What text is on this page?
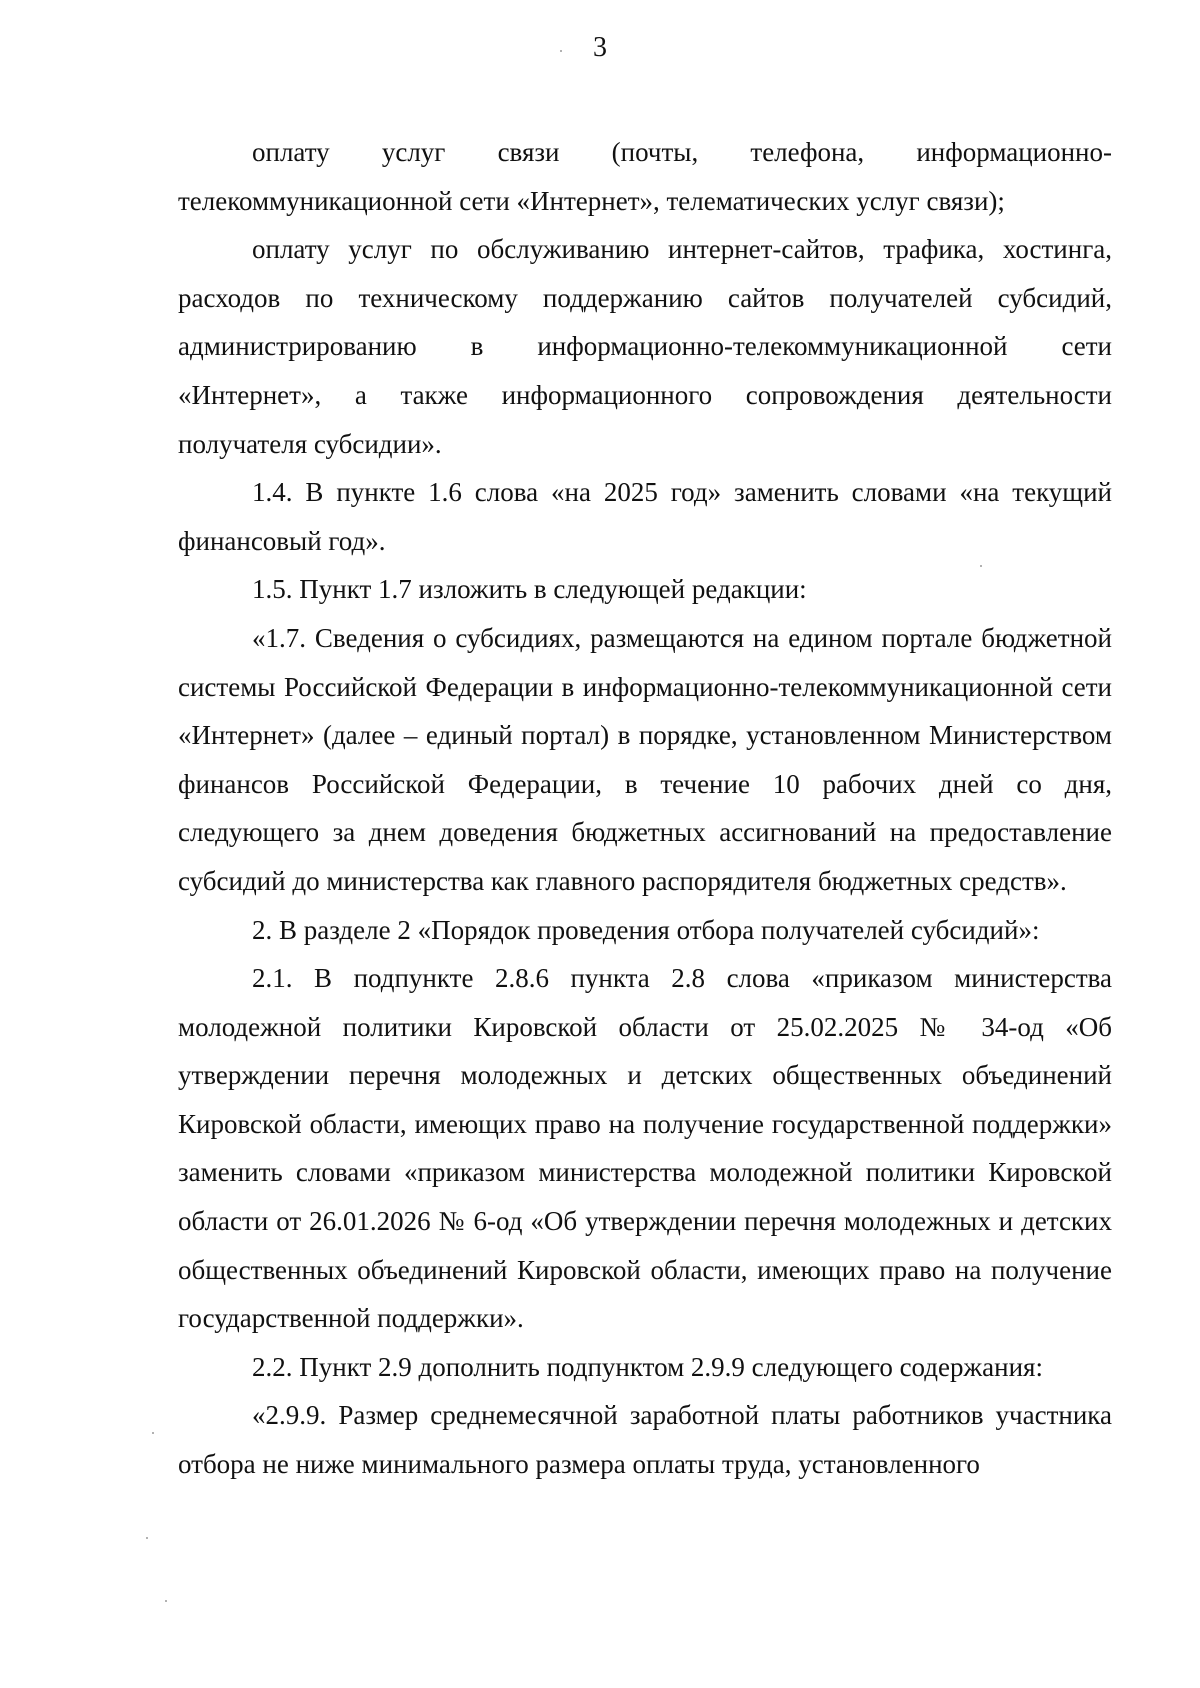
3

оплату услуг связи (почты, телефона, информационно-телекоммуникационной сети «Интернет», телематических услуг связи);

оплату услуг по обслуживанию интернет-сайтов, трафика, хостинга, расходов по техническому поддержанию сайтов получателей субсидий, администрированию в информационно-телекоммуникационной сети «Интернет», а также информационного сопровождения деятельности получателя субсидии».

1.4. В пункте 1.6 слова «на 2025 год» заменить словами «на текущий финансовый год».

1.5. Пункт 1.7 изложить в следующей редакции:

«1.7. Сведения о субсидиях, размещаются на едином портале бюджетной системы Российской Федерации в информационно-телекоммуникационной сети «Интернет» (далее – единый портал) в порядке, установленном Министерством финансов Российской Федерации, в течение 10 рабочих дней со дня, следующего за днем доведения бюджетных ассигнований на предоставление субсидий до министерства как главного распорядителя бюджетных средств».

2. В разделе 2 «Порядок проведения отбора получателей субсидий»:

2.1. В подпункте 2.8.6 пункта 2.8 слова «приказом министерства молодежной политики Кировской области от 25.02.2025 № 34-од «Об утверждении перечня молодежных и детских общественных объединений Кировской области, имеющих право на получение государственной поддержки» заменить словами «приказом министерства молодежной политики Кировской области от 26.01.2026 № 6-од «Об утверждении перечня молодежных и детских общественных объединений Кировской области, имеющих право на получение государственной поддержки».

2.2. Пункт 2.9 дополнить подпунктом 2.9.9 следующего содержания:

«2.9.9. Размер среднемесячной заработной платы работников участника отбора не ниже минимального размера оплаты труда, установленного
